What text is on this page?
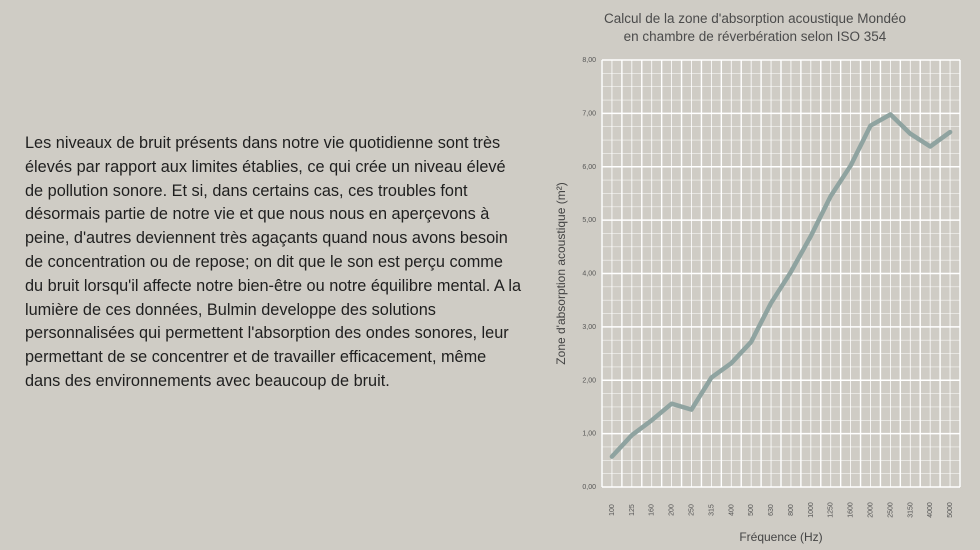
Les niveaux de bruit présents dans notre vie quotidienne sont très élevés par rapport aux limites établies, ce qui crée un niveau élevé de pollution sonore. Et si, dans certains cas, ces troubles font désormais partie de notre vie et que nous nous en aperçevons à peine, d'autres deviennent très agaçants quand nous avons besoin de concentration ou de repose; on dit que le son est perçu comme du bruit lorsqu'il affecte notre bien-être ou notre équilibre mental. A la lumière de ces données, Bulmin developpe des solutions personnalisées qui permettent l'absorption des ondes sonores, leur permettant de se concentrer et de travailler efficacement, même dans des environnements avec beaucoup de bruit.

Calcul de la zone d'absorption acoustique Mondéo
en chambre de réverbération selon ISO 354
0,00
1,00
2,00
3,00
4,00
5,00
6,00
7,00
8,00
100 125 160 200 250 315 400 500 630 800 1000 1250 1600 2000 2500 3150 4000 5000
Fréquence (Hz)
Zone d'absorption acoustique (m²)
